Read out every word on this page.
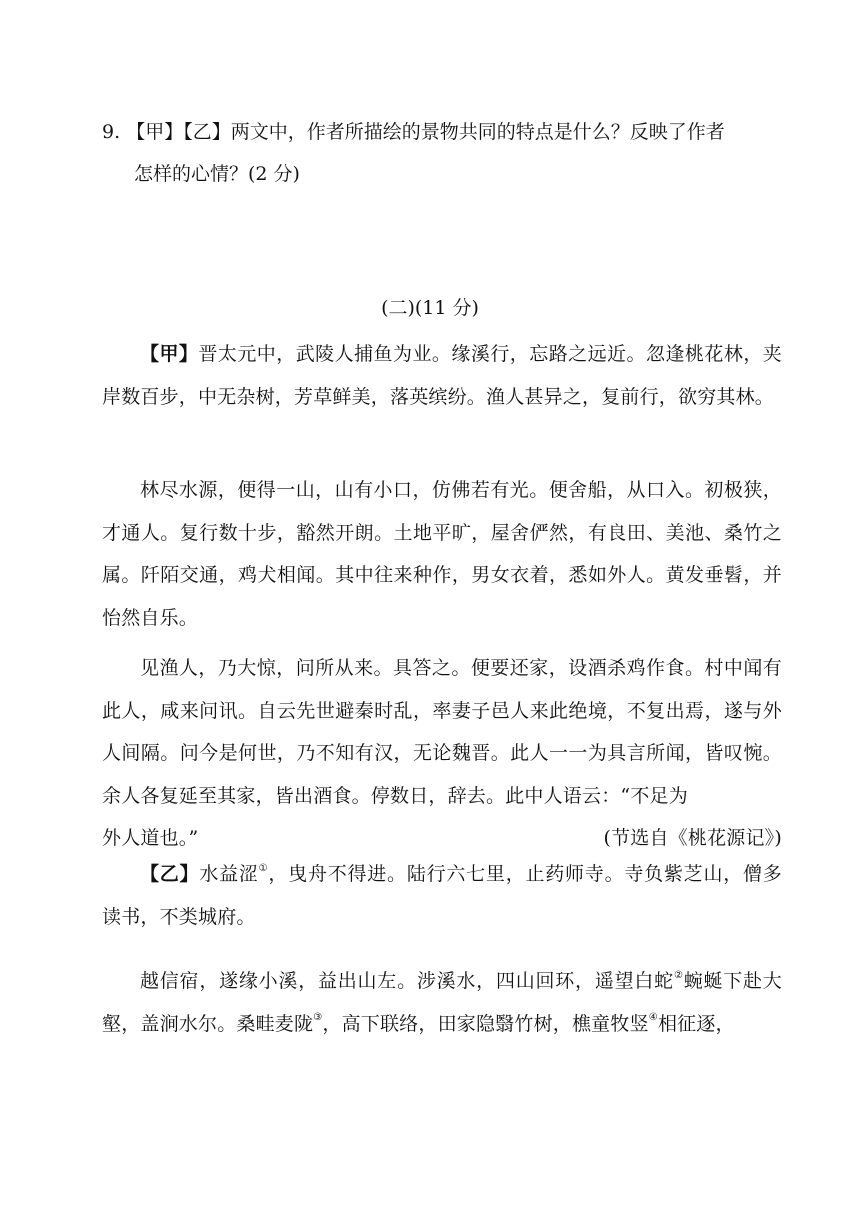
9. 【甲】【乙】两文中，作者所描绘的景物共同的特点是什么？反映了作者
怎样的心情？(2 分)
(二)(11 分)
【甲】晋太元中，武陵人捕鱼为业。缘溪行，忘路之远近。忽逢桃花林，夹岸数百步，中无杂树，芳草鲜美，落英缤纷。渔人甚异之，复前行，欲穷其林。
林尽水源，便得一山，山有小口，仿佛若有光。便舍船，从口入。初极狭，才通人。复行数十步，豁然开朗。土地平旷，屋舍俨然，有良田、美池、桑竹之属。阡陌交通，鸡犬相闻。其中往来种作，男女衣着，悉如外人。黄发垂髫，并怡然自乐。
见渔人，乃大惊，问所从来。具答之。便要还家，设酒杀鸡作食。村中闻有此人，咸来问讯。自云先世避秦时乱，率妻子邑人来此绝境，不复出焉，遂与外人间隔。问今是何世，乃不知有汉，无论魏晋。此人一一为具言所闻，皆叹惋。余人各复延至其家，皆出酒食。停数日，辞去。此中人语云：“不足为
外人道也。”	(节选自《桃花源记》)
【乙】水益涩①，曳舟不得进。陆行六七里，止药师寺。寺负紫芝山，僧多读书，不类城府。
越信宿，遂缘小溪，益出山左。涉溪水，四山回环，遥望白蛇②蜿蜒下赴大壑，盖涧水尔。桑畦麦陇③，高下联络，田家隐翳竹树，樵童牧竖④相征逐，
